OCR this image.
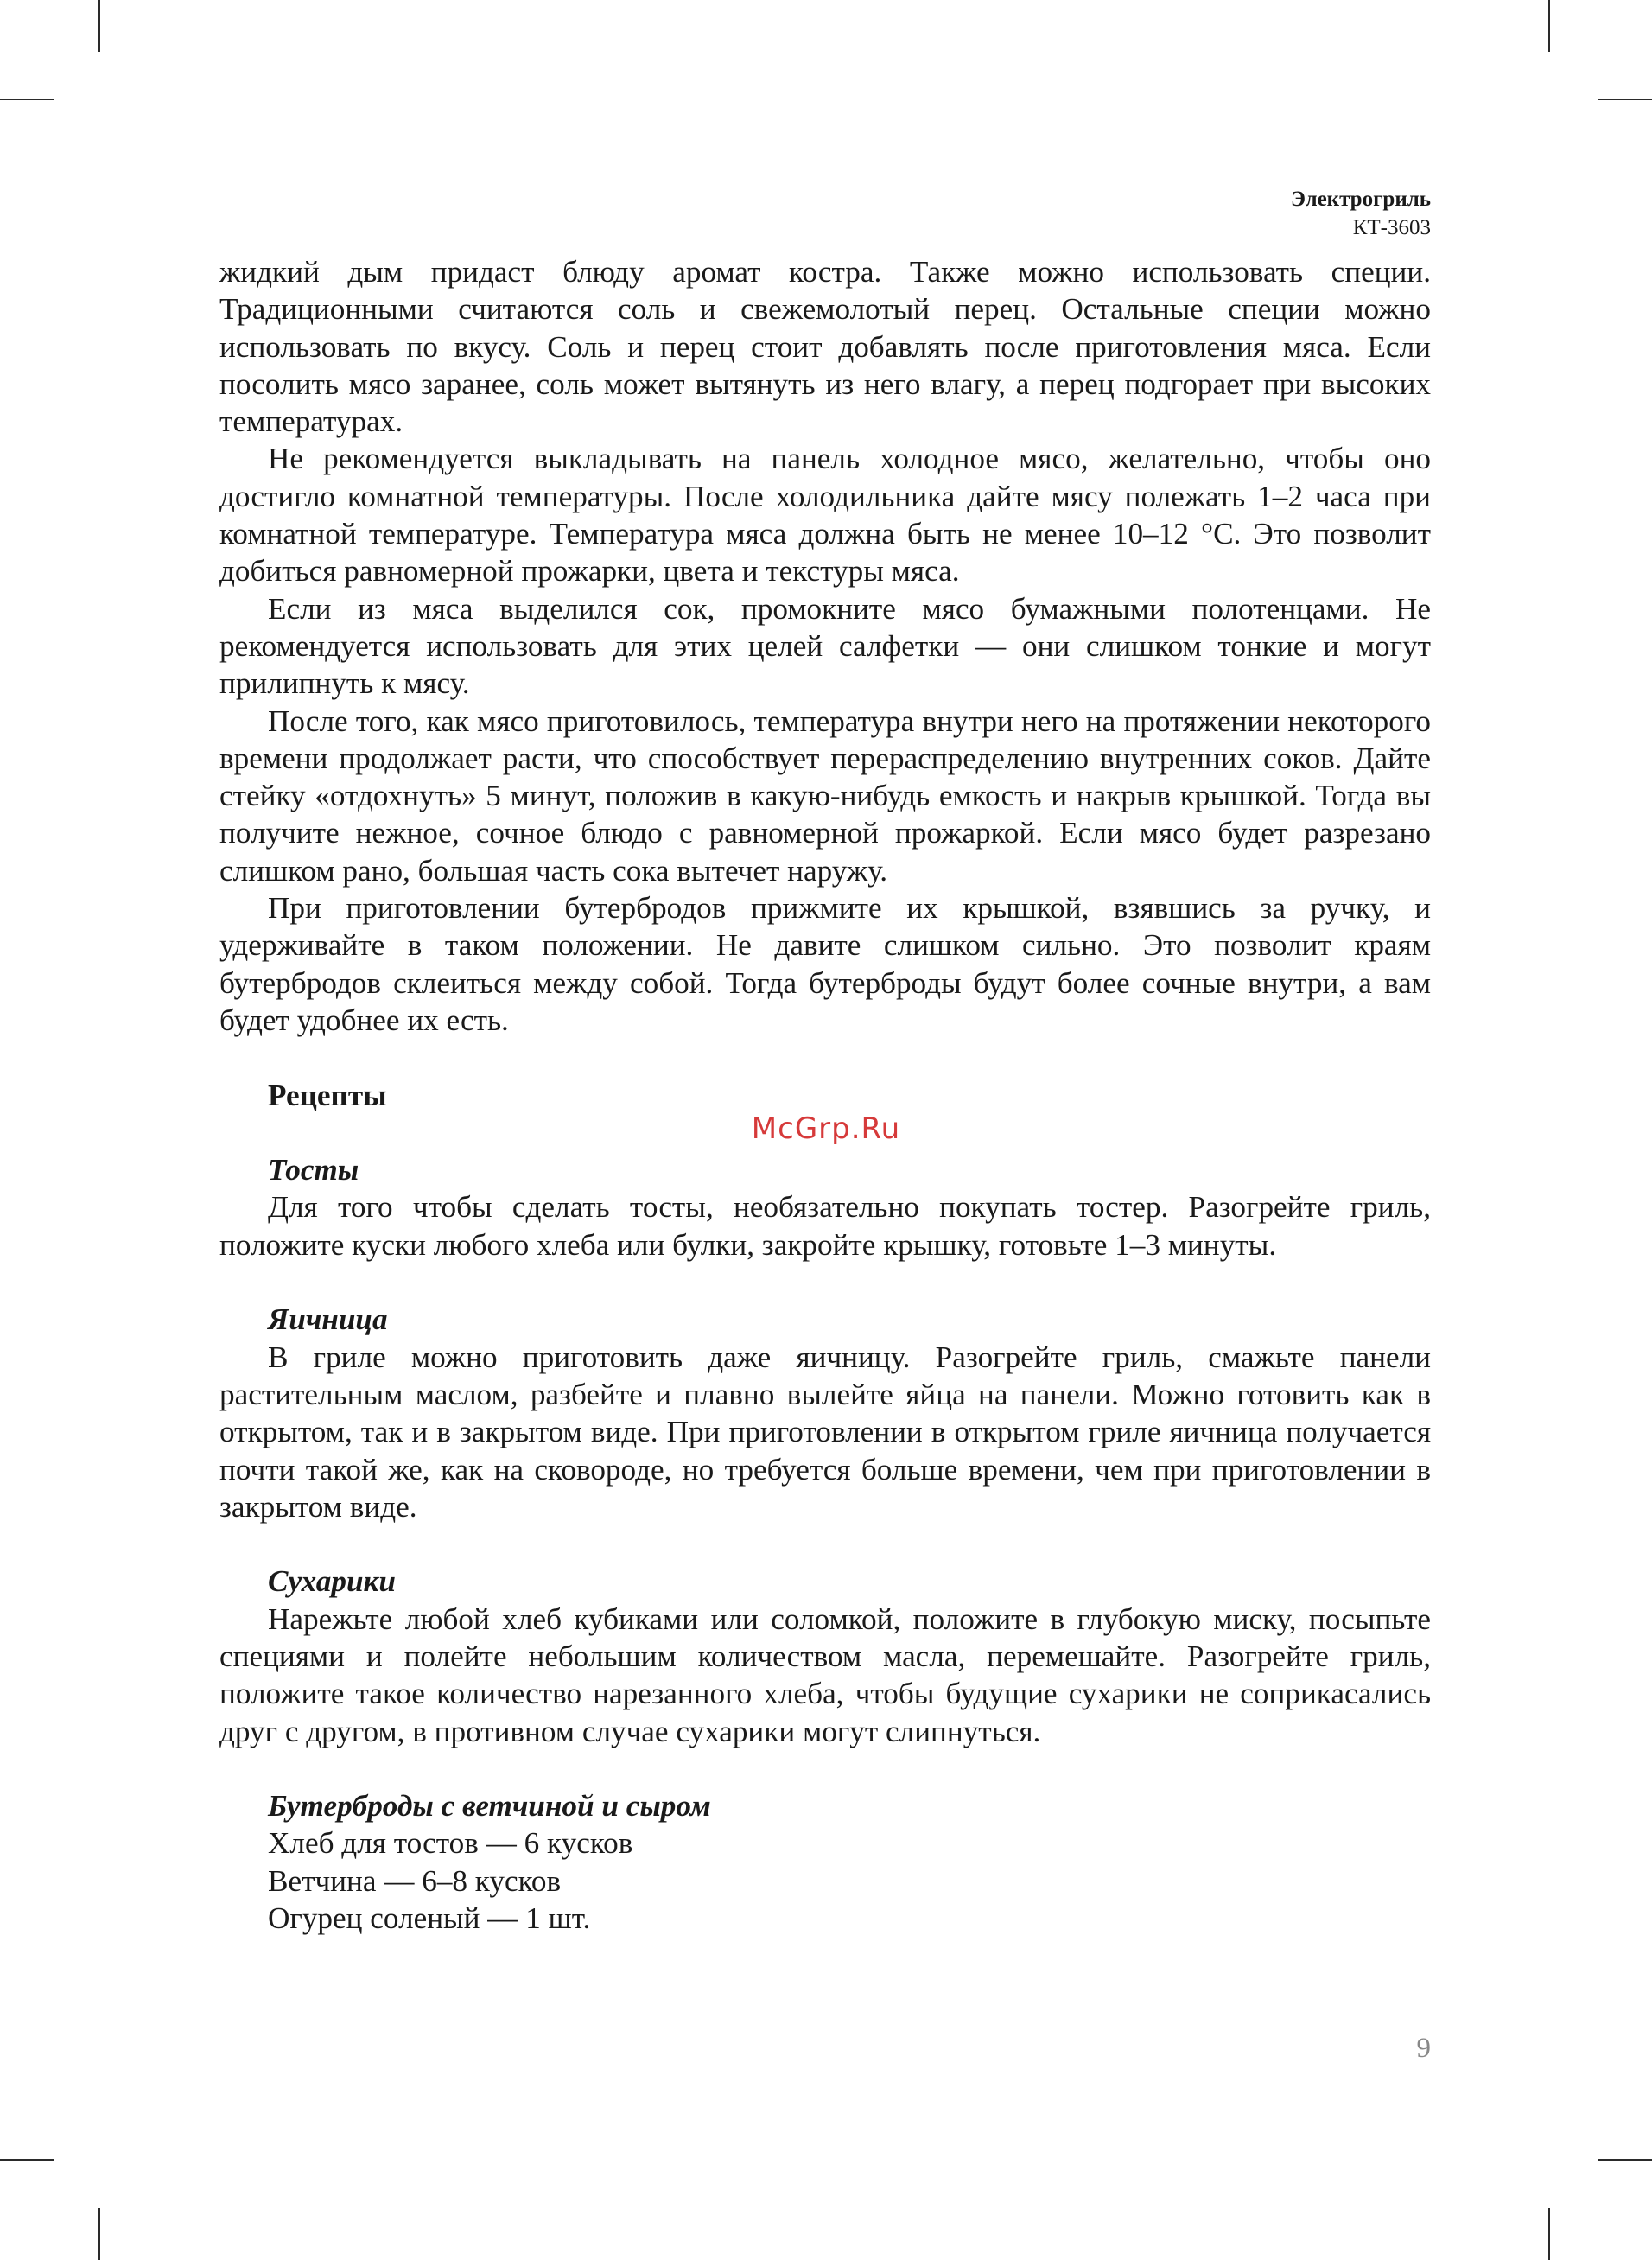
Электрогриль
КТ-3603

жидкий дым придаст блюду аромат костра. Также можно использовать специи. Традиционными считаются соль и свежемолотый перец. Остальные специи можно использовать по вкусу. Соль и перец стоит добавлять после приготовления мяса. Если посолить мясо заранее, соль может вытянуть из него влагу, а перец подгорает при высоких температурах.

Не рекомендуется выкладывать на панель холодное мясо, желательно, чтобы оно достигло комнатной температуры. После холодильника дайте мясу полежать 1–2 часа при комнатной температуре. Температура мяса должна быть не менее 10–12 °С. Это позволит добиться равномерной прожарки, цвета и текстуры мяса.

Если из мяса выделился сок, промокните мясо бумажными полотенцами. Не рекомендуется использовать для этих целей салфетки — они слишком тонкие и могут прилипнуть к мясу.

После того, как мясо приготовилось, температура внутри него на протяжении некоторого времени продолжает расти, что способствует перераспределению внутренних соков. Дайте стейку «отдохнуть» 5 минут, положив в какую-нибудь емкость и накрыв крышкой. Тогда вы получите нежное, сочное блюдо с равномерной прожаркой. Если мясо будет разрезано слишком рано, большая часть сока вытечет наружу.

При приготовлении бутербродов прижмите их крышкой, взявшись за ручку, и удерживайте в таком положении. Не давите слишком сильно. Это позволит краям бутербродов склеиться между собой. Тогда бутерброды будут более сочные внутри, а вам будет удобнее их есть.

Рецепты

Тосты

Для того чтобы сделать тосты, необязательно покупать тостер. Разогрейте гриль, положите куски любого хлеба или булки, закройте крышку, готовьте 1–3 минуты.

Яичница

В гриле можно приготовить даже яичницу. Разогрейте гриль, смажьте панели растительным маслом, разбейте и плавно вылейте яйца на панели. Можно готовить как в открытом, так и в закрытом виде. При приготовлении в открытом гриле яичница получается почти такой же, как на сковороде, но требуется больше времени, чем при приготовлении в закрытом виде.

Сухарики

Нарежьте любой хлеб кубиками или соломкой, положите в глубокую миску, посыпьте специями и полейте небольшим количеством масла, перемешайте. Разогрейте гриль, положите такое количество нарезанного хлеба, чтобы будущие сухарики не соприкасались друг с другом, в противном случае сухарики могут слипнуться.

Бутерброды с ветчиной и сыром

Хлеб для тостов — 6 кусков

Ветчина — 6–8 кусков

Огурец соленый — 1 шт.

McGrp.Ru
9
